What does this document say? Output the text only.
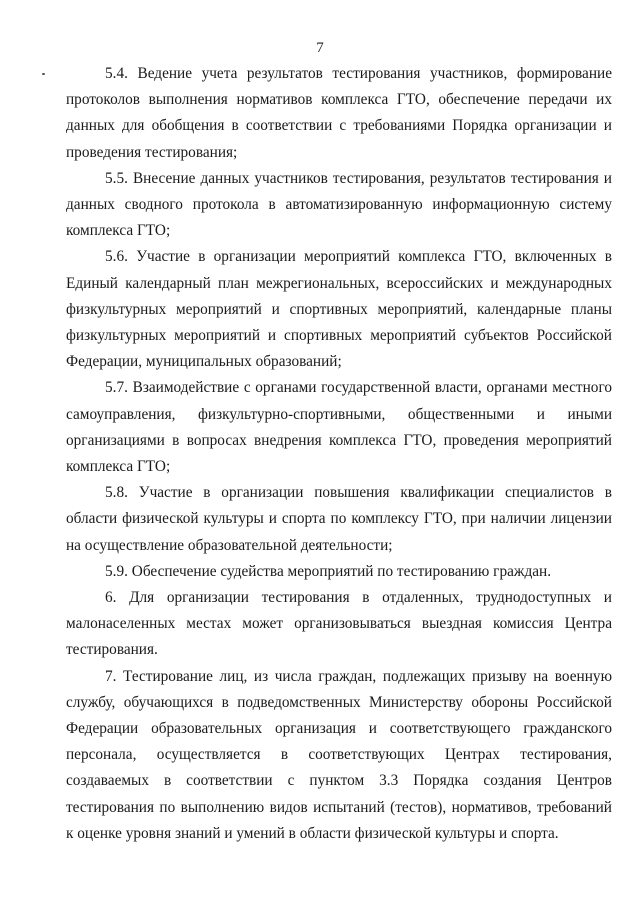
7

5.4. Ведение учета результатов тестирования участников, формирование протоколов выполнения нормативов комплекса ГТО, обеспечение передачи их данных для обобщения в соответствии с требованиями Порядка организации и проведения тестирования;

5.5. Внесение данных участников тестирования, результатов тестирования и данных сводного протокола в автоматизированную информационную систему комплекса ГТО;

5.6. Участие в организации мероприятий комплекса ГТО, включенных в Единый календарный план межрегиональных, всероссийских и международных физкультурных мероприятий и спортивных мероприятий, календарные планы физкультурных мероприятий и спортивных мероприятий субъектов Российской Федерации, муниципальных образований;

5.7. Взаимодействие с органами государственной власти, органами местного самоуправления, физкультурно-спортивными, общественными и иными организациями в вопросах внедрения комплекса ГТО, проведения мероприятий комплекса ГТО;

5.8. Участие в организации повышения квалификации специалистов в области физической культуры и спорта по комплексу ГТО, при наличии лицензии на осуществление образовательной деятельности;

5.9. Обеспечение судейства мероприятий по тестированию граждан.

6. Для организации тестирования в отдаленных, труднодоступных и малонаселенных местах может организовываться выездная комиссия Центра тестирования.

7. Тестирование лиц, из числа граждан, подлежащих призыву на военную службу, обучающихся в подведомственных Министерству обороны Российской Федерации образовательных организация и соответствующего гражданского персонала, осуществляется в соответствующих Центрах тестирования, создаваемых в соответствии с пунктом 3.3 Порядка создания Центров тестирования по выполнению видов испытаний (тестов), нормативов, требований к оценке уровня знаний и умений в области физической культуры и спорта.
